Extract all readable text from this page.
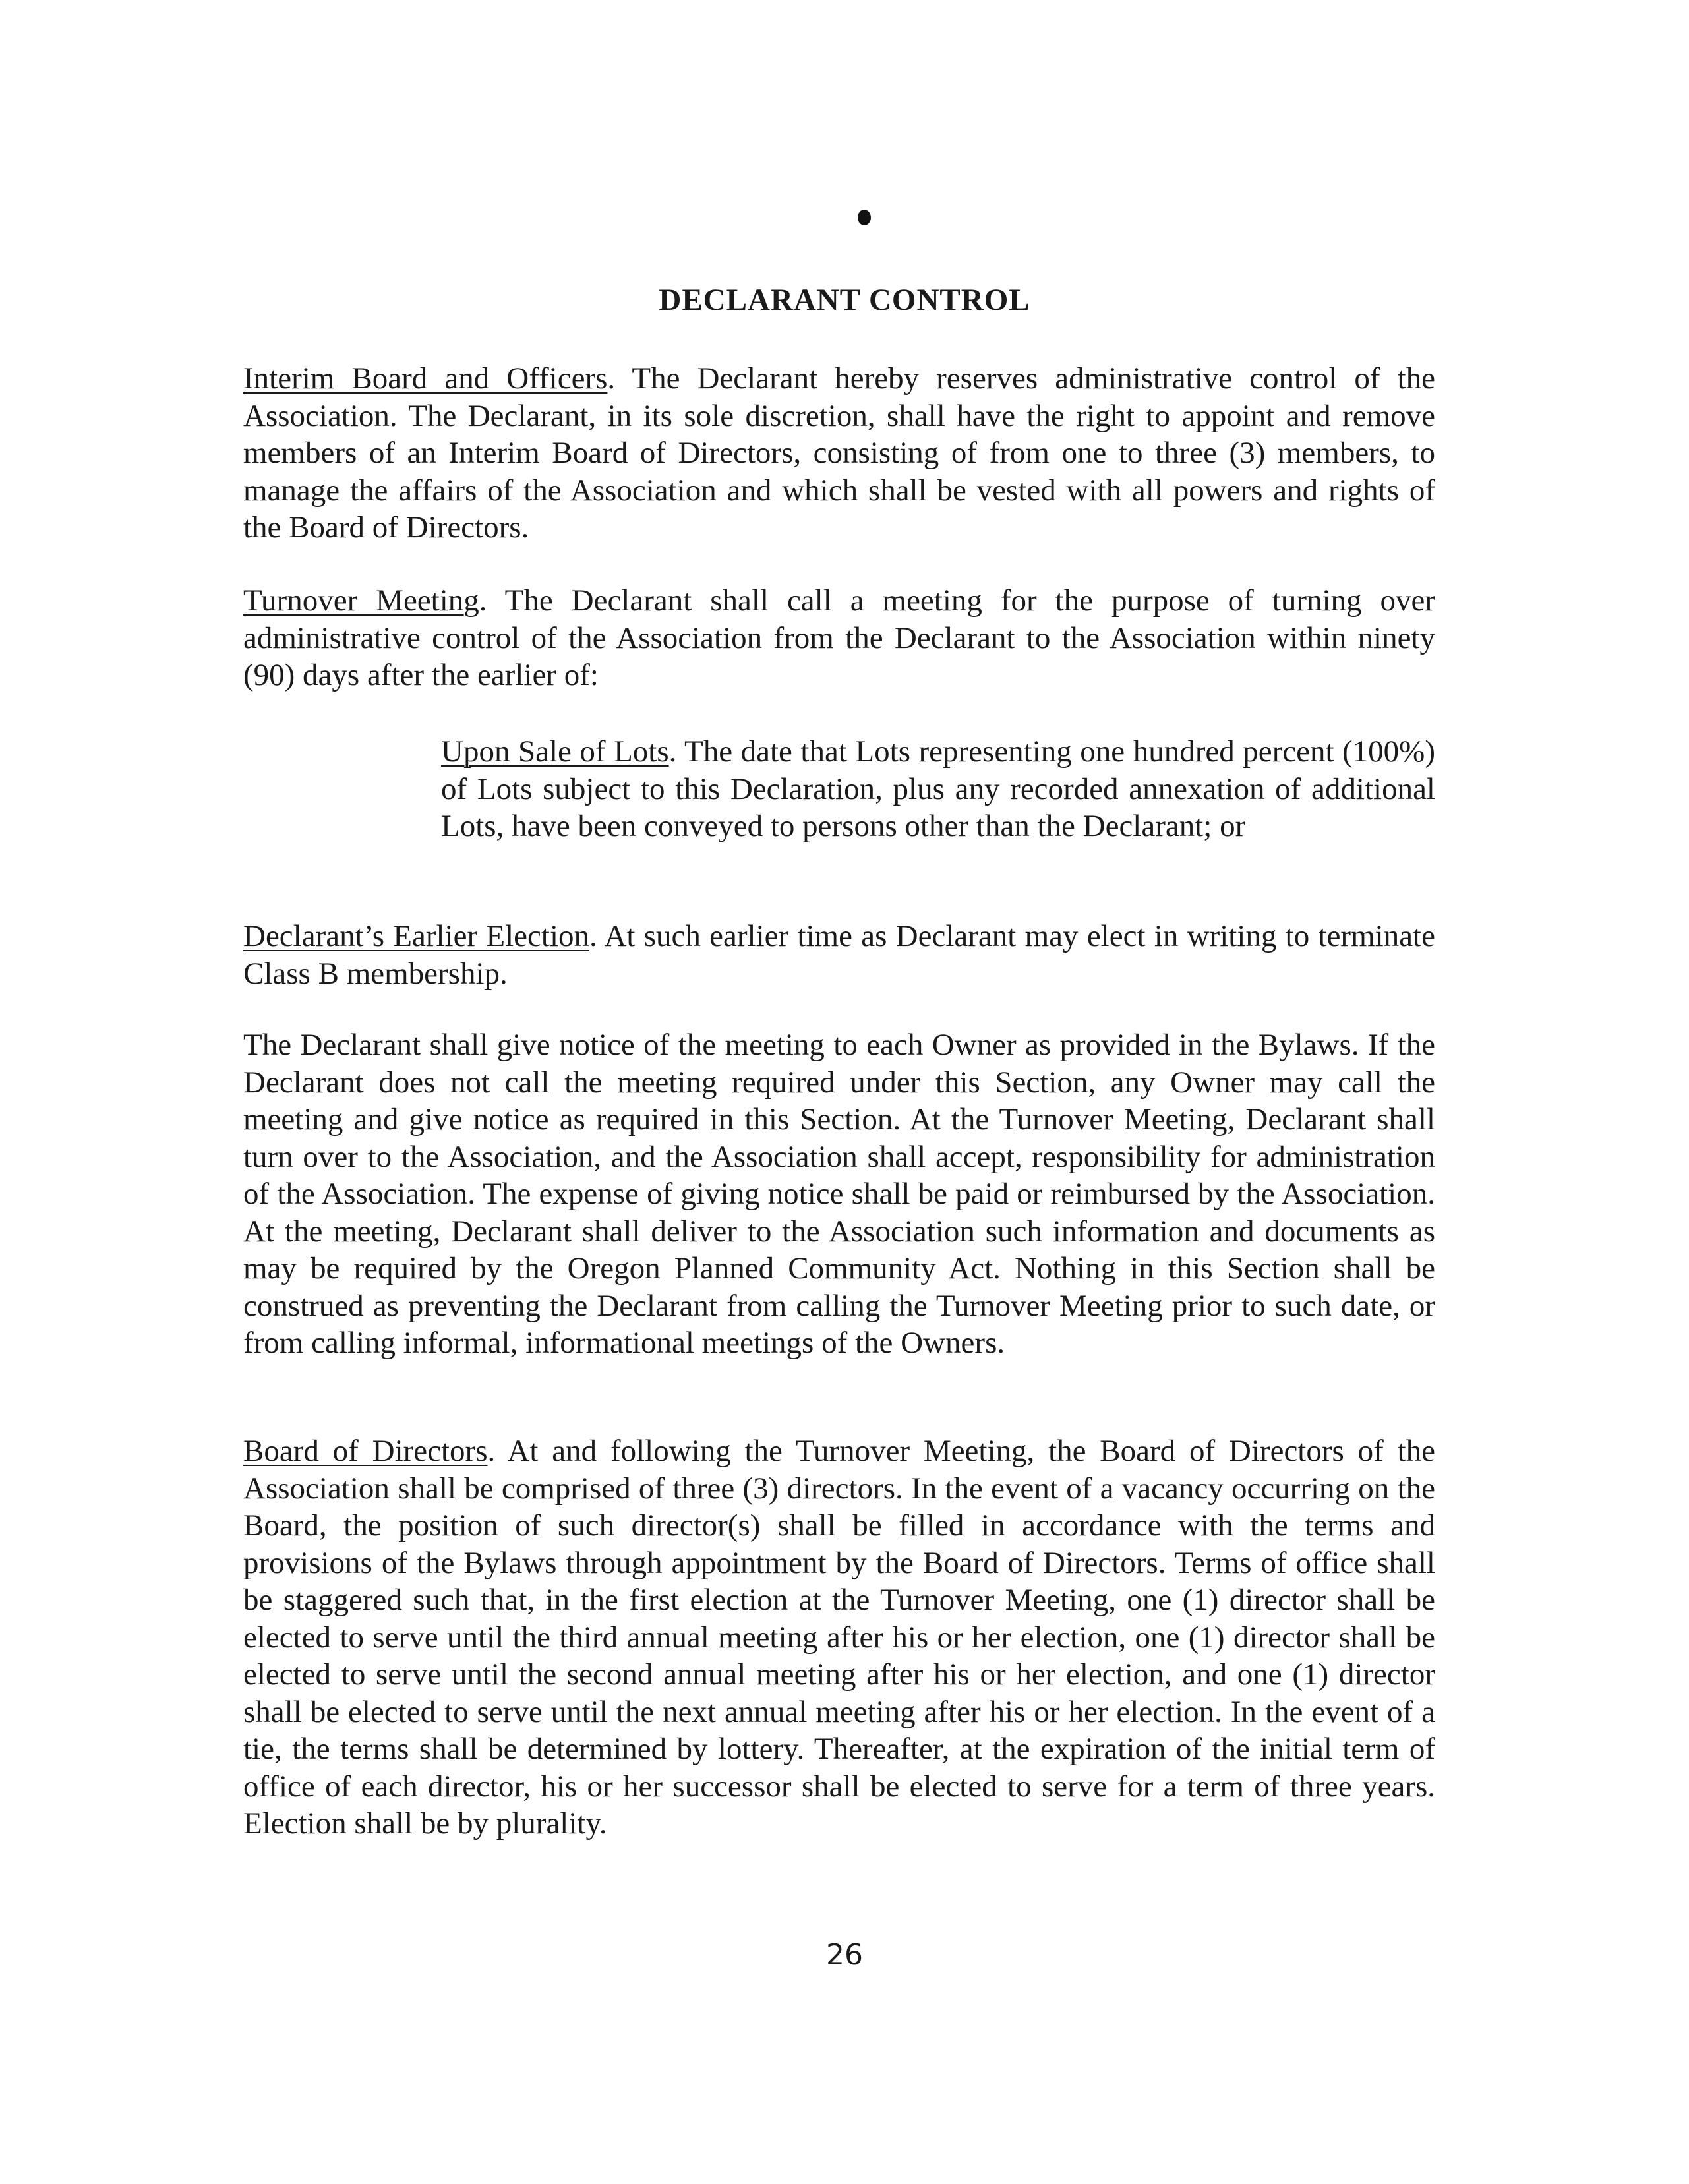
DECLARANT CONTROL

Interim Board and Officers. The Declarant hereby reserves administrative control of the Association. The Declarant, in its sole discretion, shall have the right to appoint and remove members of an Interim Board of Directors, consisting of from one to three (3) members, to manage the affairs of the Association and which shall be vested with all powers and rights of the Board of Directors.

Turnover Meeting. The Declarant shall call a meeting for the purpose of turning over administrative control of the Association from the Declarant to the Association within ninety (90) days after the earlier of:

Upon Sale of Lots. The date that Lots representing one hundred percent (100%) of Lots subject to this Declaration, plus any recorded annexation of additional Lots, have been conveyed to persons other than the Declarant; or

Declarant’s Earlier Election. At such earlier time as Declarant may elect in writing to terminate Class B membership.

The Declarant shall give notice of the meeting to each Owner as provided in the Bylaws. If the Declarant does not call the meeting required under this Section, any Owner may call the meeting and give notice as required in this Section. At the Turnover Meeting, Declarant shall turn over to the Association, and the Association shall accept, responsibility for administration of the Association. The expense of giving notice shall be paid or reimbursed by the Association. At the meeting, Declarant shall deliver to the Association such information and documents as may be required by the Oregon Planned Community Act. Nothing in this Section shall be construed as preventing the Declarant from calling the Turnover Meeting prior to such date, or from calling informal, informational meetings of the Owners.

Board of Directors. At and following the Turnover Meeting, the Board of Directors of the Association shall be comprised of three (3) directors. In the event of a vacancy occurring on the Board, the position of such director(s) shall be filled in accordance with the terms and provisions of the Bylaws through appointment by the Board of Directors. Terms of office shall be staggered such that, in the first election at the Turnover Meeting, one (1) director shall be elected to serve until the third annual meeting after his or her election, one (1) director shall be elected to serve until the second annual meeting after his or her election, and one (1) director shall be elected to serve until the next annual meeting after his or her election. In the event of a tie, the terms shall be determined by lottery. Thereafter, at the expiration of the initial term of office of each director, his or her successor shall be elected to serve for a term of three years. Election shall be by plurality.

26
